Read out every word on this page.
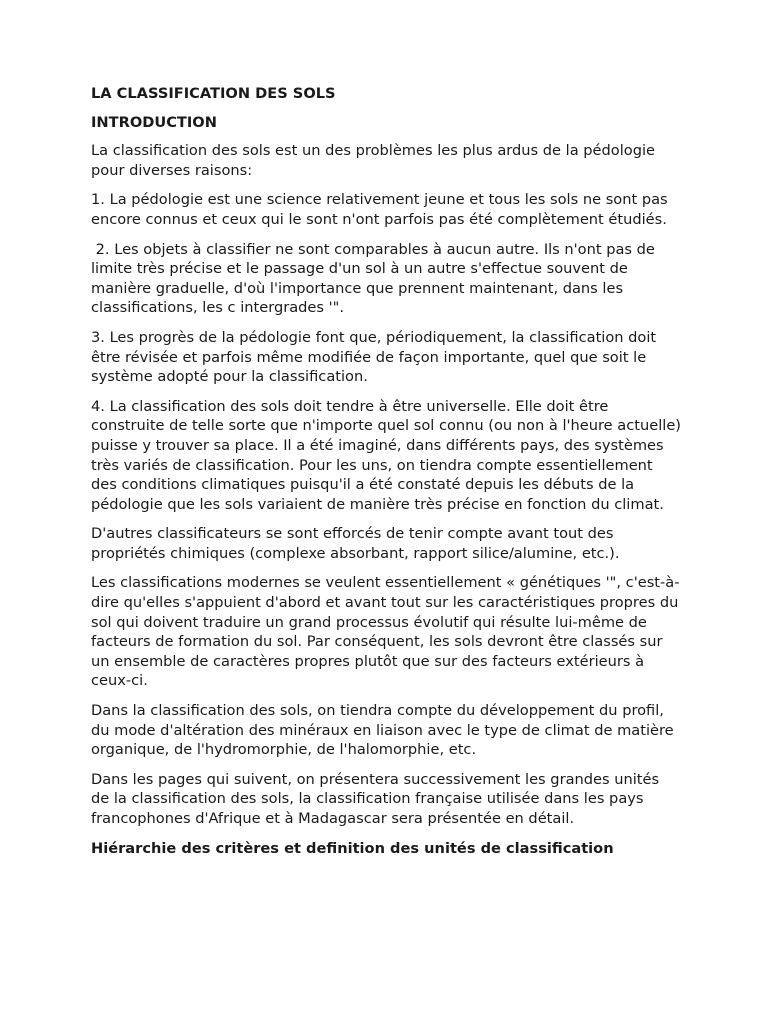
LA CLASSIFICATION DES SOLS

INTRODUCTION

La classification des sols est un des problèmes les plus ardus de la pédologie pour diverses raisons:

1. La pédologie est une science relativement jeune et tous les sols ne sont pas encore connus et ceux qui le sont n'ont parfois pas été complètement étudiés.

2. Les objets à classifier ne sont comparables à aucun autre. Ils n'ont pas de limite très précise et le passage d'un sol à un autre s'effectue souvent de manière graduelle, d'où l'importance que prennent maintenant, dans les classifications, les c intergrades '".

3. Les progrès de la pédologie font que, périodiquement, la classification doit être révisée et parfois même modifiée de façon importante, quel que soit le système adopté pour la classification.

4. La classification des sols doit tendre à être universelle. Elle doit être construite de telle sorte que n'importe quel sol connu (ou non à l'heure actuelle) puisse y trouver sa place. Il a été imaginé, dans différents pays, des systèmes très variés de classification. Pour les uns, on tiendra compte essentiellement des conditions climatiques puisqu'il a été constaté depuis les débuts de la pédologie que les sols variaient de manière très précise en fonction du climat.

D'autres classificateurs se sont efforcés de tenir compte avant tout des propriétés chimiques (complexe absorbant, rapport silice/alumine, etc.).

Les classifications modernes se veulent essentiellement « génétiques '", c'est-à-dire qu'elles s'appuient d'abord et avant tout sur les caractéristiques propres du sol qui doivent traduire un grand processus évolutif qui résulte lui-même de facteurs de formation du sol. Par conséquent, les sols devront être classés sur un ensemble de caractères propres plutôt que sur des facteurs extérieurs à ceux-ci.

Dans la classification des sols, on tiendra compte du développement du profil, du mode d'altération des minéraux en liaison avec le type de climat de matière organique, de l'hydromorphie, de l'halomorphie, etc.

Dans les pages qui suivent, on présentera successivement les grandes unités de la classification des sols, la classification française utilisée dans les pays francophones d'Afrique et à Madagascar sera présentée en détail.

Hiérarchie des critères et definition des unités de classification
